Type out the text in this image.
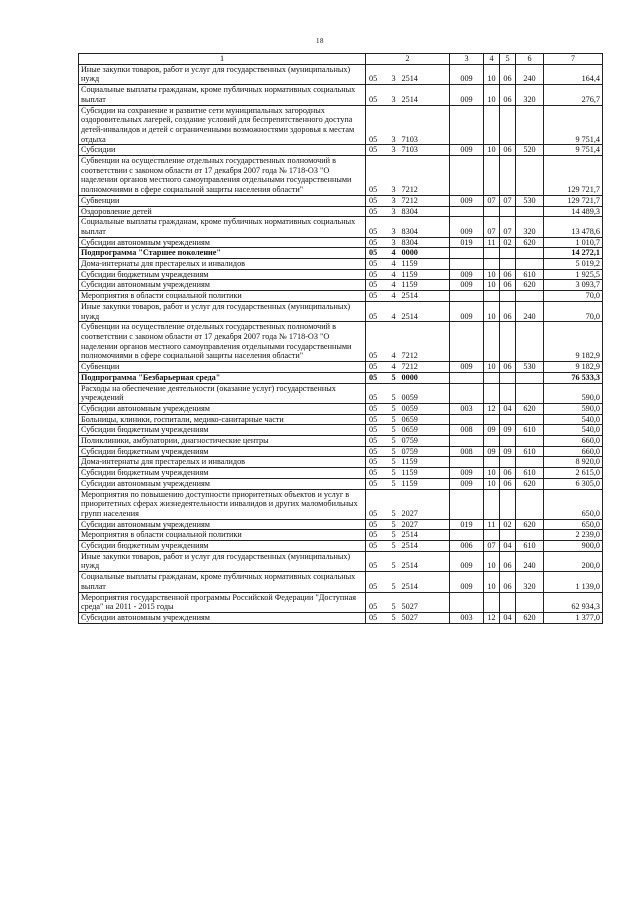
18
1	2			3	4	5	6	7
Иные закупки товаров, работ и услуг для государственных (муниципальных) нужд	05	3	2514	009	10	06	240	164,4
Социальные выплаты гражданам, кроме публичных нормативных социальных выплат	05	3	2514	009	10	06	320	276,7
Субсидии на сохранение и развитие сети муниципальных загородных оздоровительных лагерей, создание условий для беспрепятственного доступа детей-инвалидов и детей с ограниченными возможностями здоровья к местам отдыха	05	3	7103					9 751,4
Субсидии	05	3	7103	009	10	06	520	9 751,4
Субвенции на осуществление отдельных государственных полномочий в соответствии с законом области от 17 декабря 2007 года № 1718-ОЗ "О наделении органов местного самоуправления отдельными государственными полномочиями в сфере социальной защиты населения области"	05	3	7212					129 721,7
Субвенции	05	3	7212	009	07	07	530	129 721,7
Оздоровление детей	05	3	8304					14 489,3
Социальные выплаты гражданам, кроме публичных нормативных социальных выплат	05	3	8304	009	07	07	320	13 478,6
Субсидии автономным учреждениям	05	3	8304	019	11	02	620	1 010,7
Подпрограмма "Старшее поколение"	05	4	0000					14 272,1
Дома-интернаты для престарелых и инвалидов	05	4	1159					5 019,2
Субсидии бюджетным учреждениям	05	4	1159	009	10	06	610	1 925,5
Субсидии автономным учреждениям	05	4	1159	009	10	06	620	3 093,7
Мероприятия в области социальной политики	05	4	2514					70,0
Иные закупки товаров, работ и услуг для государственных (муниципальных) нужд	05	4	2514	009	10	06	240	70,0
Субвенции на осуществление отдельных государственных полномочий в соответствии с законом области от 17 декабря 2007 года № 1718-ОЗ "О наделении органов местного самоуправления отдельными государственными полномочиями в сфере социальной защиты населения области"	05	4	7212					9 182,9
Субвенции	05	4	7212	009	10	06	530	9 182,9
Подпрограмма "Безбарьерная среда"	05	5	0000					76 533,3
Расходы на обеспечение деятельности (оказание услуг) государственных учреждений	05	5	0059					590,0
Субсидии автономным учреждениям	05	5	0059	003	12	04	620	590,0
Больницы, клиники, госпитали, медико-санитарные части	05	5	0659					540,0
Субсидии бюджетным учреждениям	05	5	0659	008	09	09	610	540,0
Поликлиники, амбулатории, диагностические центры	05	5	0759					660,0
Субсидии бюджетным учреждениям	05	5	0759	008	09	09	610	660,0
Дома-интернаты для престарелых и инвалидов	05	5	1159					8 920,0
Субсидии бюджетным учреждениям	05	5	1159	009	10	06	610	2 615,0
Субсидии автономным учреждениям	05	5	1159	009	10	06	620	6 305,0
Мероприятия по повышению доступности приоритетных объектов и услуг в приоритетных сферах жизнедеятельности инвалидов и других маломобильных групп населения	05	5	2027					650,0
Субсидии автономным учреждениям	05	5	2027	019	11	02	620	650,0
Мероприятия в области социальной политики	05	5	2514					2 239,0
Субсидии бюджетным учреждениям	05	5	2514	006	07	04	610	900,0
Иные закупки товаров, работ и услуг для государственных (муниципальных) нужд	05	5	2514	009	10	06	240	200,0
Социальные выплаты гражданам, кроме публичных нормативных социальных выплат	05	5	2514	009	10	06	320	1 139,0
Мероприятия государственной программы Российской Федерации "Доступная среда" на 2011 - 2015 годы	05	5	5027					62 934,3
Субсидии автономным учреждениям	05	5	5027	003	12	04	620	1 377,0
